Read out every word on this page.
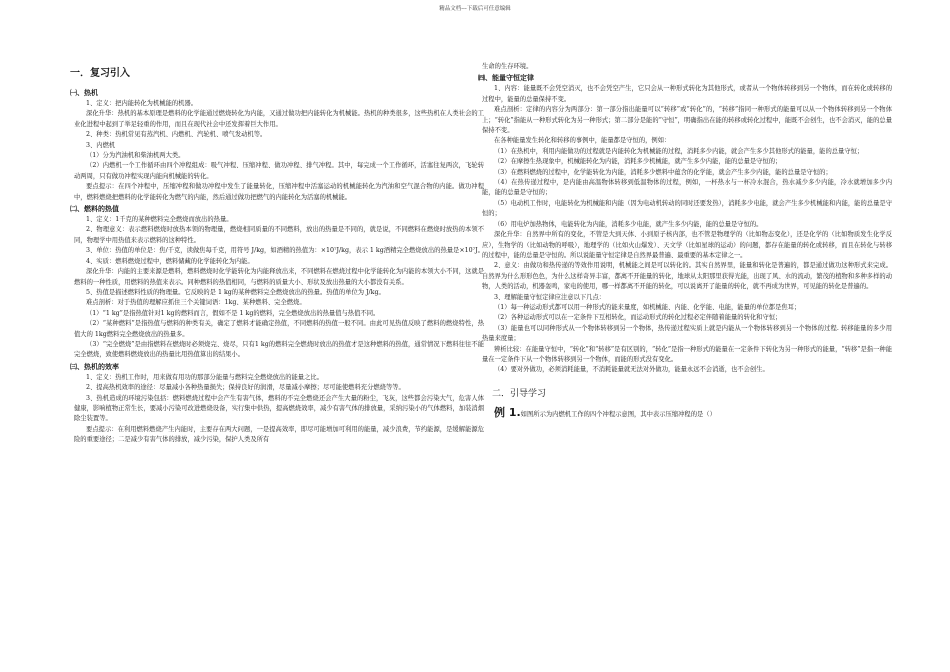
精品文档---下载后可任意编辑
一．复习引入
㈠、热机

1、定义：把内能转化为机械能的机器。

深化升华：热机的基本原理是燃料的化学能通过燃烧转化为内能，又通过做功把内能转化为机械能。热机的种类很多，这些热机在人类社会的工业化进程中起到了举足轻重的作用，而且在现代社会中还发挥着巨大作用。

2、种类：热机常见有蒸汽机、内燃机、汽轮机、喷气发动机等。

3、内燃机

（1）分为汽油机和柴油机两大类。

（2）内燃机一个工作循环由四个冲程组成：吸气冲程、压缩冲程、做功冲程、排气冲程。其中，每完成一个工作循环，活塞往复两次，飞轮转动两周，只有做功冲程实现内能向机械能的转化。

要点提示：在四个冲程中，压缩冲程和做功冲程中发生了能量转化，压缩冲程中活塞运动的机械能转化为汽油和空气混合物的内能。做功冲程中，燃料燃烧把燃料的化学能转化为燃气的内能，然后通过做功把燃气的内能转化为活塞的机械能。

㈡、燃料的热值

1、定义：1千克的某种燃料完全燃烧而放出的热量。

2、物理意义：表示燃料燃烧时放热本领的物理量，燃烧相同质量的不同燃料，放出的热量是不同的，就是说，不同燃料在燃烧时放热的本领不同，物理学中用热值来表示燃料的这种特性。

3、单位：热值的单位是：焦/千克，读做焦每千克，用符号 J/kg，如酒精的热值为：×10⁷J/kg，表示 1 kg酒精完全燃烧放出的热量是×10⁷J。

4、实质：燃料燃烧过程中，燃料储藏的化学能转化为内能。

深化升华：内能的主要来源是燃料，燃料燃烧时化学能转化为内能释放出来，不同燃料在燃烧过程中化学能转化为内能的本领大小不同，这就是燃料的一种性质，用燃料的热值来表示。同种燃料的热值相同，与燃料的质量大小、形状及放出热量的大小都没有关系。

5、热值是描述燃料性质的物理量。它反映的是 1 kg的某种燃料完全燃烧放出的热量。热值的单位为 J/kg。

难点剖析：对于热值的理解应抓住三个关键词语：1kg、某种燃料、完全燃烧。

（1）“1 kg”是指热值针对1 kg的燃料而言，假如不是 1 kg的燃料，完全燃烧放出的热量值与热值不同。

（2）“某种燃料”是指热值与燃料的种类有关，确定了燃料才能确定热值，不同燃料的热值一般不同。由此可见热值反映了燃料的燃烧特性，热值大的 1kg燃料完全燃烧放出的热量多。

（3）“完全燃烧”是由指燃料在燃烧时必须烧完、烧尽，只有1 kg的燃料完全燃烧时放出的热值才是这种燃料的热值，通常情况下燃料往往不能完全燃烧，致使燃料燃烧放出的热量比用热值算出的结果小。

㈢、热机的效率

1、定义：热机工作时，用来做有用功的那部分能量与燃料完全燃烧放出的能量之比。

2、提高热机效率的途径：尽量减小各种热量损失；保持良好的润滑，尽量减小摩擦；尽可能使燃料充分燃烧等等。

3、热机造成的环境污染包括：燃料燃烧过程中会产生有害气体，燃料的不完全燃烧还会产生大量的粉尘，飞灰，这些都会污染大气，危害人体健康，影响植物正常生长，要减小污染可改进燃烧设备，实行集中供热，提高燃烧效率，减少有害气体的排放量，采纳污染小的气体燃料，加装消烟除尘装置等。

要点提示：在利用燃料燃烧产生内能时，主要存在两大问题，一是提高效率，即尽可能增加可利用的能量，减少浪费，节约能源，是缓解能源危险的重要途径；二是减少有害气体的排放，减少污染，保护人类及所有

生命的生存环境。

㈣、能量守恒定律

1、内容：能量既不会凭空消灭，也不会凭空产生，它只会从一种形式转化为其他形式，或者从一个物体转移到另一个物体，而在转化或转移的过程中，能量的总量保持不变。

难点剖析：定律的内容分为两部分：第一部分指出能量可以“转移”或“转化”的，“转移”指同一种形式的能量可以从一个物体转移到另一个物体上；“转化”指能从一种形式转化为另一种形式；第二部分是能的“守恒”，明确指出在能的转移或转化过程中，能既不会创生，也不会消灭，能的总量保持不变。

在各种能量发生转化和转移的事例中，能量都是守恒的，例如：

（1）在热机中，利用内能做功的过程就是内能转化为机械能的过程，消耗多少内能，就会产生多少其他形式的能量，能的总量守恒；

（2）在摩擦生热现象中，机械能转化为内能，消耗多少机械能，就产生多少内能，能的总量是守恒的；

（3）在燃料燃烧的过程中，化学能转化为内能，消耗多少燃料中蕴含的化学能，就会产生多少内能，能的总量是守恒的；

（4）在热传递过程中，是内能由高温物体转移到低温物体的过程，例如，一杯热水与一杯冷水混合，热水减少多少内能，冷水就增加多少内能，能的总量是守恒的；

（5）电动机工作时，电能转化为机械能和内能（因为电动机转动的同时还要发热），消耗多少电能，就会产生多少机械能和内能，能的总量是守恒的；

（6）用电炉加热物体，电能转化为内能，消耗多少电能，就产生多少内能，能的总量是守恒的。

深化升华：自然界中所有的变化，不管是大到天体、小到原子核内部，也不管是物理学的（比如物态变化），还是化学的（比如物质发生化学反应），生物学的（比如动物的呼吸），地理学的（比如火山爆发）、天文学（比如星球的运动）的问题，都存在能量的转化或转移，而且在转化与转移的过程中，能的总量是守恒的。所以说能量守恒定律是自然界最普遍、最重要的基本定律之一。

2、意义：由做功和热传递的等效作用说明，机械能之间是可以转化的。其实自然界里，能量和转化是普遍的，都是通过做功这种形式来完成。自然界为什么形形色色，为什么这样奇异丰富，都离不开能量的转化，地球从太阳那里获得光能，出现了风、水的流动，繁茂的植物和多种多样的动物，人类的活动，机器轰鸣，家电的使用，哪一样都离不开能的转化，可以说离开了能量的转化，就不再成为世界，可见能的转化是普遍的。

3、理解能量守恒定律应注意以下几点：

（1）每一种运动形式都可以用一种形式的能来量度，如机械能、内能、化学能、电能，能量的单位都是焦耳；

（2）各种运动形式可以在一定条件下互相转化，而运动形式的转化过程必定伴随着能量的转化和守恒；

（3）能量也可以同种形式从一个物体转移到另一个物体，热传递过程实质上就是内能从一个物体转移到另一个物体的过程. 转移能量的多少用热量来度量；

辨析比较：在能量守恒中，“转化”和“转移”是有区别的，“转化”是指一种形式的能量在一定条件下转化为另一种形式的能量，“转移”是指一种能量在一定条件下从一个物体转移到另一个物体，而能的形式没有变化。

（4）要对外做功，必须消耗能量，不消耗能量就无法对外做功，能量永远不会消逝，也不会创生。

二．引导学习

例 1.如图所示为内燃机工作的四个冲程示意图，其中表示压缩冲程的是（）
